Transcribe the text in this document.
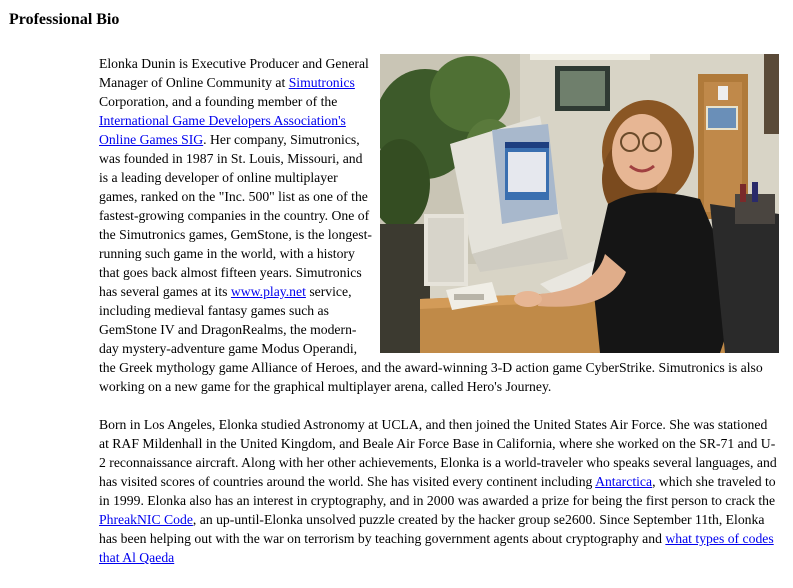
Professional Bio

Elonka Dunin is Executive Producer and General Manager of Online Community at Simutronics Corporation, and a founding member of the International Game Developers Association's Online Games SIG. Her company, Simutronics, was founded in 1987 in St. Louis, Missouri, and is a leading developer of online multiplayer games, ranked on the "Inc. 500" list as one of the fastest-growing companies in the country. One of the Simutronics games, GemStone, is the longest-running such game in the world, with a history that goes back almost fifteen years. Simutronics has several games at its www.play.net service, including medieval fantasy games such as GemStone IV and DragonRealms, the modern-day mystery-adventure game Modus Operandi, the Greek mythology game Alliance of Heroes, and the award-winning 3-D action game CyberStrike. Simutronics is also working on a new game for the graphical multiplayer arena, called Hero's Journey.

Born in Los Angeles, Elonka studied Astronomy at UCLA, and then joined the United States Air Force. She was stationed at RAF Mildenhall in the United Kingdom, and Beale Air Force Base in California, where she worked on the SR-71 and U-2 reconnaissance aircraft. Along with her other achievements, Elonka is a world-traveler who speaks several languages, and has visited scores of countries around the world. She has visited every continent including Antarctica, which she traveled to in 1999. Elonka also has an interest in cryptography, and in 2000 was awarded a prize for being the first person to crack the PhreakNIC Code, an up-until-Elonka unsolved puzzle created by the hacker group se2600. Since September 11th, Elonka has been helping out with the war on terrorism by teaching government agents about cryptography and what types of codes that Al Qaeda
